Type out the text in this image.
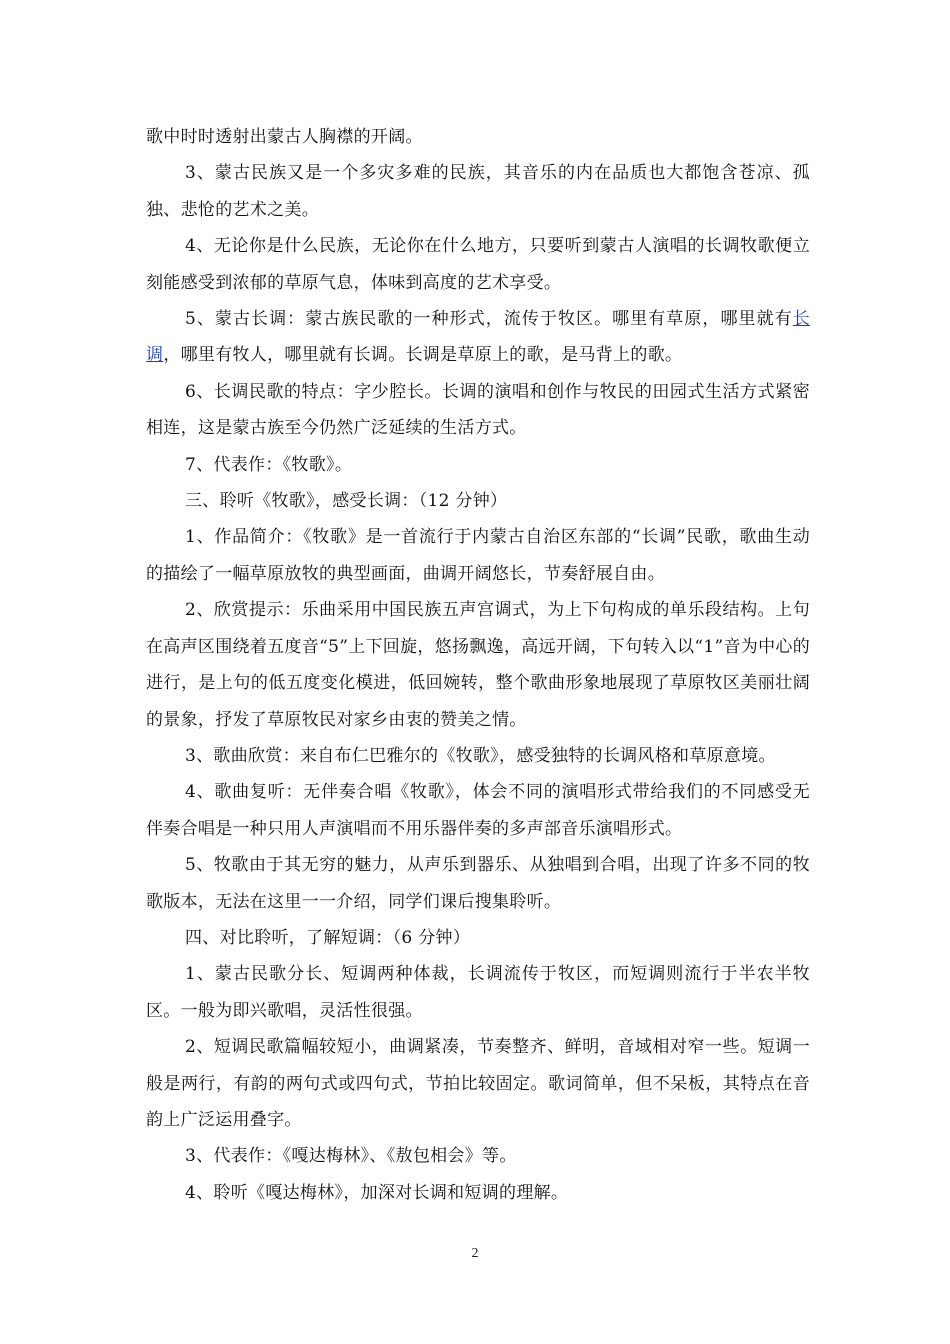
歌中时时透射出蒙古人胸襟的开阔。

3、蒙古民族又是一个多灾多难的民族，其音乐的内在品质也大都饱含苍凉、孤独、悲怆的艺术之美。

4、无论你是什么民族，无论你在什么地方，只要听到蒙古人演唱的长调牧歌便立刻能感受到浓郁的草原气息，体味到高度的艺术享受。

5、蒙古长调：蒙古族民歌的一种形式，流传于牧区。哪里有草原，哪里就有长调，哪里有牧人，哪里就有长调。长调是草原上的歌，是马背上的歌。

6、长调民歌的特点：字少腔长。长调的演唱和创作与牧民的田园式生活方式紧密相连，这是蒙古族至今仍然广泛延续的生活方式。

7、代表作：《牧歌》。

三、聆听《牧歌》，感受长调：（12 分钟）

1、作品简介：《牧歌》是一首流行于内蒙古自治区东部的“长调”民歌，歌曲生动的描绘了一幅草原放牧的典型画面，曲调开阔悠长，节奏舒展自由。

2、欣赏提示：乐曲采用中国民族五声宫调式，为上下句构成的单乐段结构。上句在高声区围绕着五度音“5”上下回旋，悠扬飘逸，高远开阔，下句转入以“1”音为中心的进行，是上句的低五度变化模进，低回婉转，整个歌曲形象地展现了草原牧区美丽壮阔的景象，抒发了草原牧民对家乡由衷的赞美之情。

3、歌曲欣赏：来自布仁巴雅尔的《牧歌》，感受独特的长调风格和草原意境。

4、歌曲复听：无伴奏合唱《牧歌》，体会不同的演唱形式带给我们的不同感受无伴奏合唱是一种只用人声演唱而不用乐器伴奏的多声部音乐演唱形式。

5、牧歌由于其无穷的魅力，从声乐到器乐、从独唱到合唱，出现了许多不同的牧歌版本，无法在这里一一介绍，同学们课后搜集聆听。

四、对比聆听，了解短调：（6 分钟）

1、蒙古民歌分长、短调两种体裁，长调流传于牧区，而短调则流行于半农半牧区。一般为即兴歌唱，灵活性很强。

2、短调民歌篇幅较短小，曲调紧凑，节奏整齐、鲜明，音域相对窄一些。短调一般是两行，有韵的两句式或四句式，节拍比较固定。歌词简单，但不呆板，其特点在音韵上广泛运用叠字。

3、代表作：《嘎达梅林》、《敖包相会》等。

4、聆听《嘎达梅林》，加深对长调和短调的理解。

2
